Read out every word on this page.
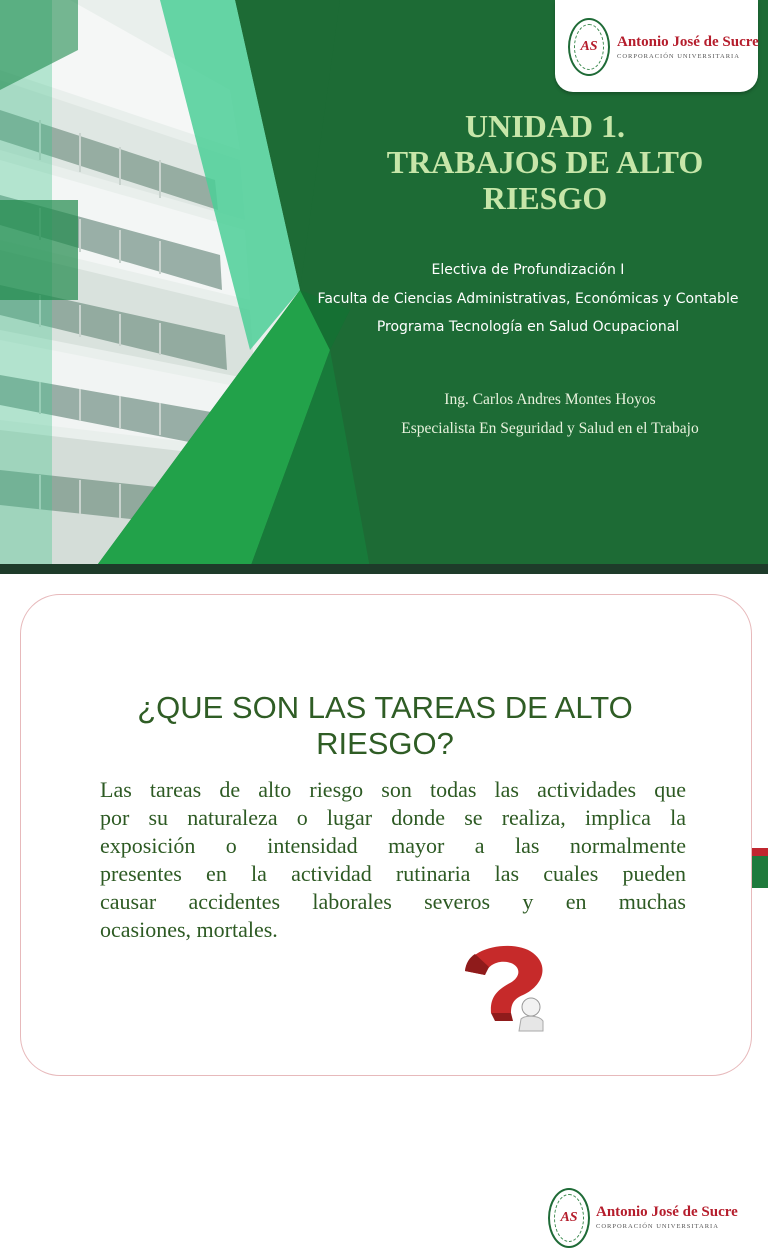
AS Antonio José de Sucre
CORPORACIÓN UNIVERSITARIA
UNIDAD 1.
TRABAJOS DE ALTO
RIESGO
Electiva de Profundización I
Faculta de Ciencias Administrativas, Económicas y Contable
Programa Tecnología en Salud Ocupacional
Ing. Carlos Andres Montes Hoyos
Especialista En Seguridad y Salud en el Trabajo
AS Antonio José de Sucre
CORPORACIÓN UNIVERSITARIA
¿QUE SON LAS TAREAS DE ALTO
RIESGO?
Las tareas de alto riesgo son todas las actividades que
por su naturaleza o lugar donde se realiza, implica la
exposición o intensidad mayor a las normalmente
presentes en la actividad rutinaria las cuales pueden
causar accidentes laborales severos y en muchas
ocasiones, mortales.
